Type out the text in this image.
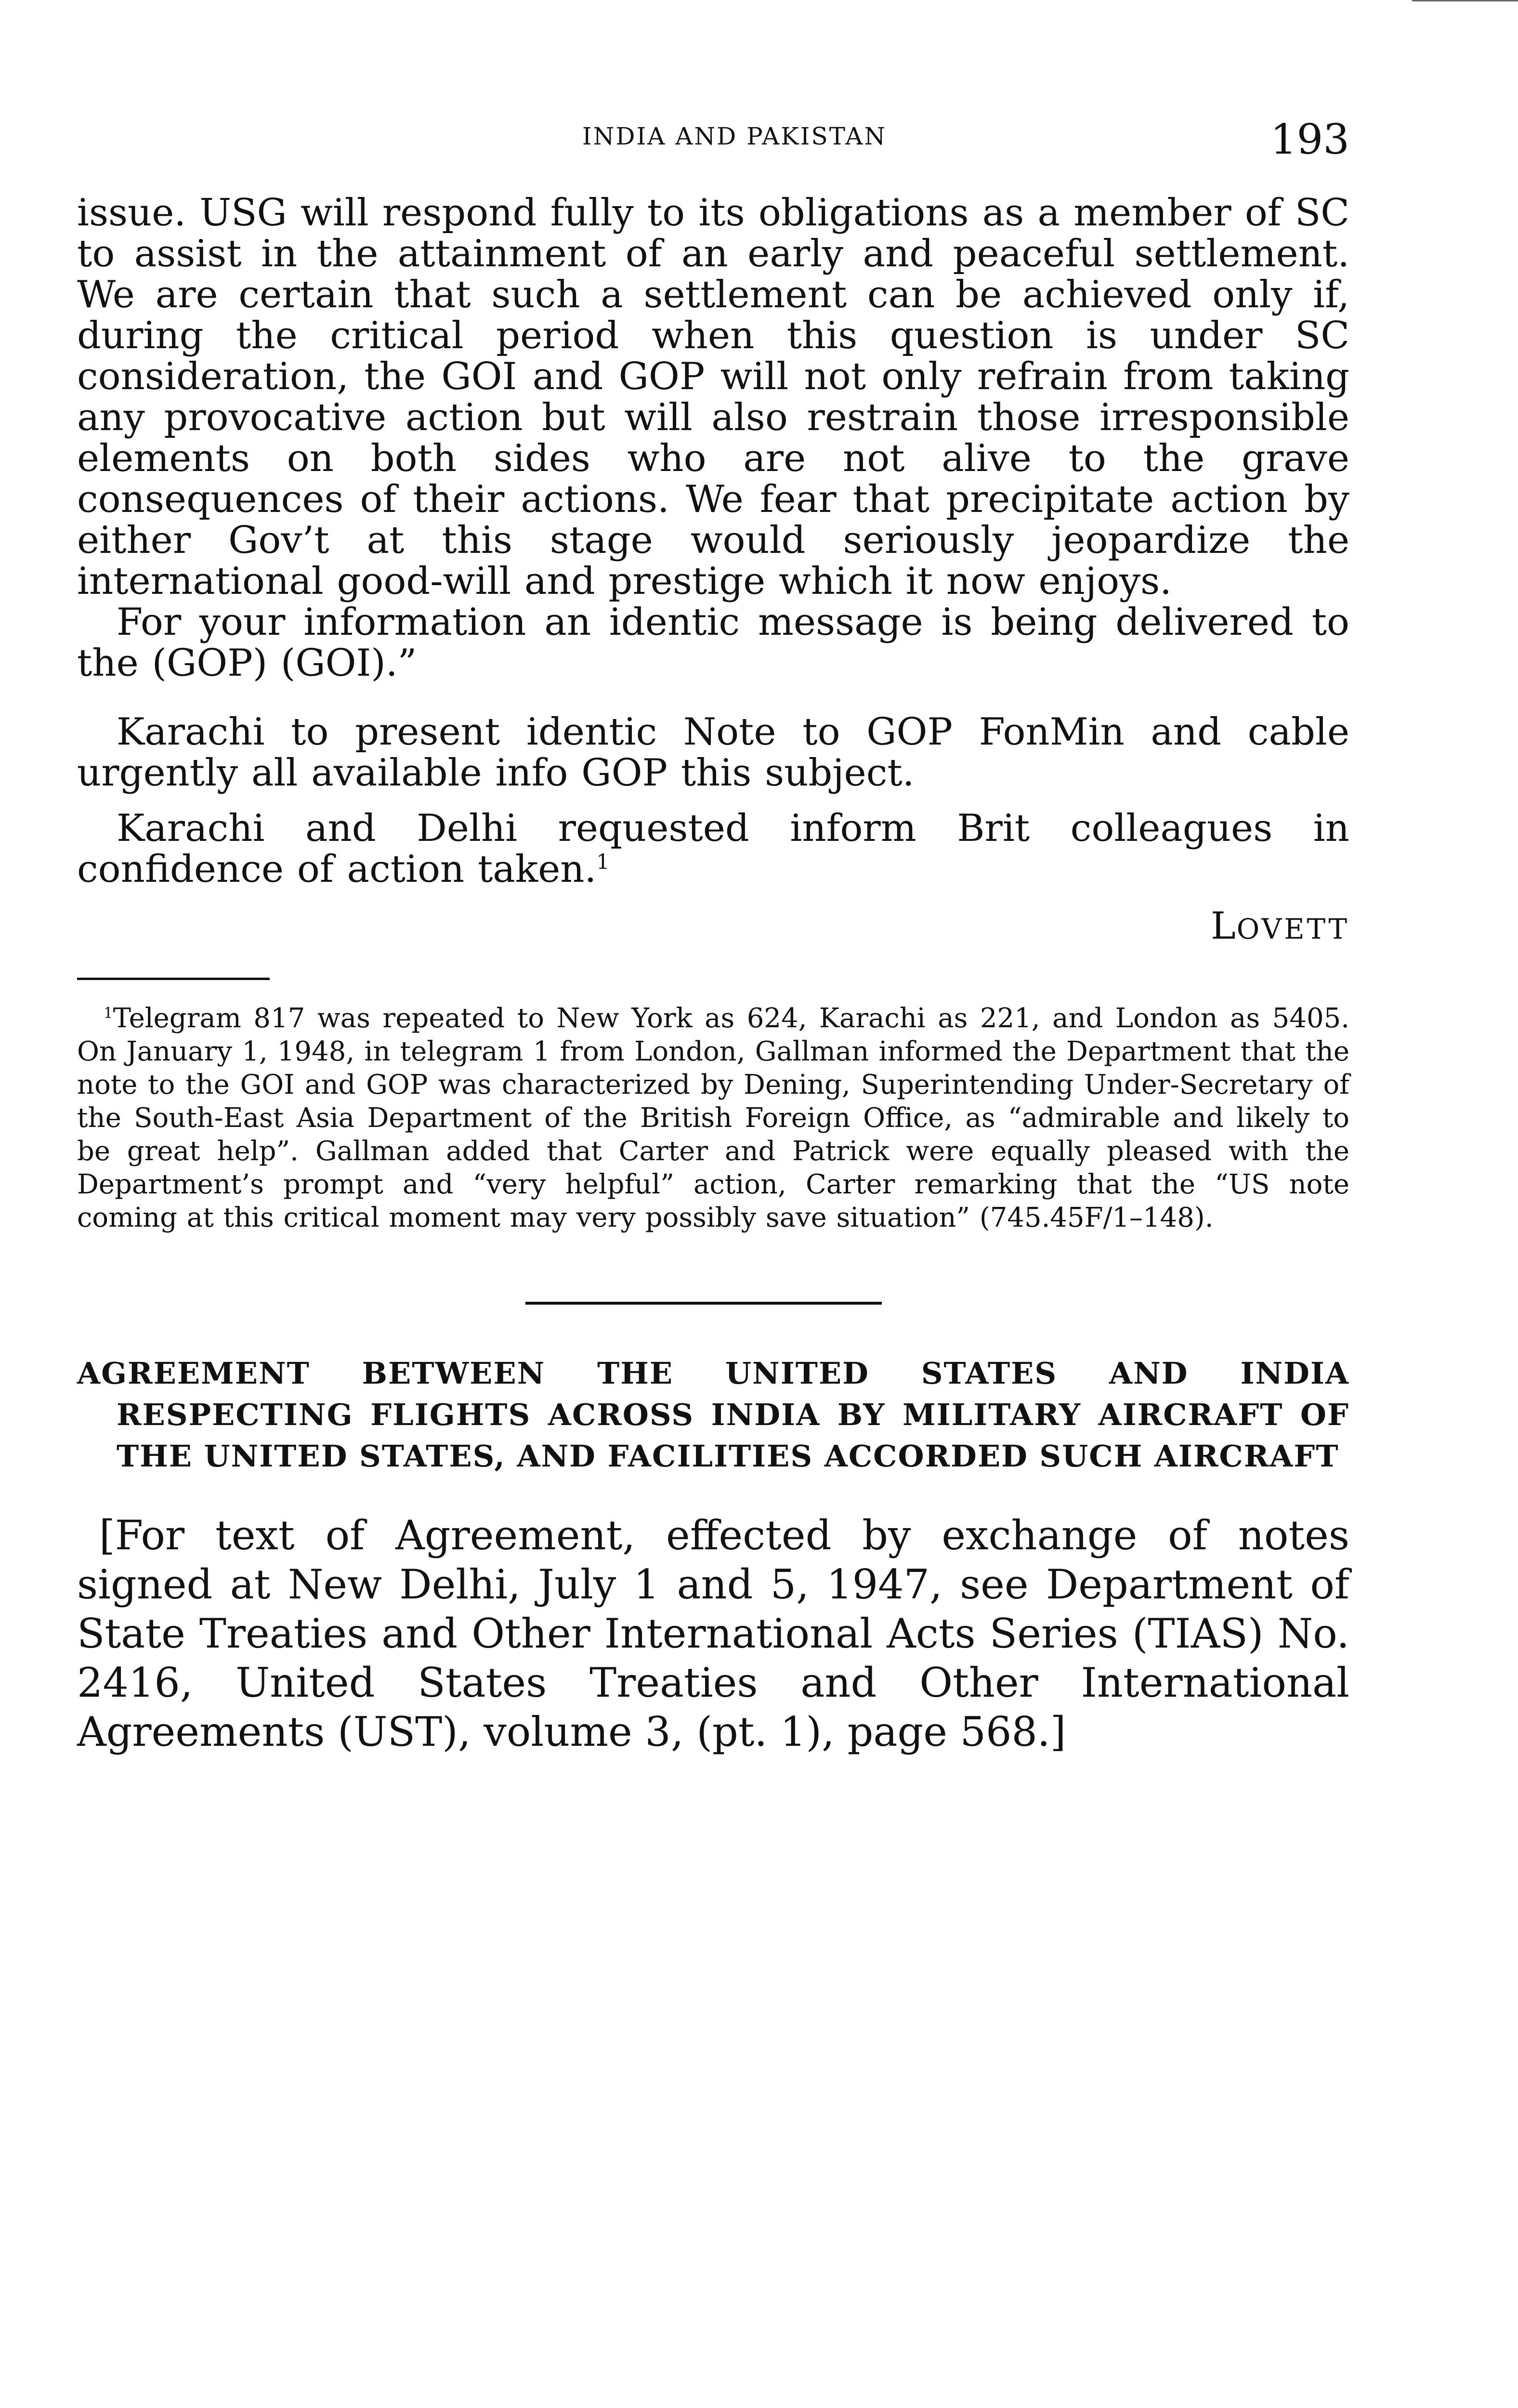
INDIA AND PAKISTAN	193

issue. USG will respond fully to its obligations as a member of SC to assist in the attainment of an early and peaceful settlement. We are certain that such a settlement can be achieved only if, during the critical period when this question is under SC consideration, the GOI and GOP will not only refrain from taking any provocative action but will also restrain those irresponsible elements on both sides who are not alive to the grave consequences of their actions. We fear that precipitate action by either Gov’t at this stage would seriously jeopardize the international good-will and prestige which it now enjoys.

For your information an identic message is being delivered to the (GOP) (GOI).”

Karachi to present identic Note to GOP FonMin and cable urgently all available info GOP this subject.

Karachi and Delhi requested inform Brit colleagues in confidence of action taken.$^1$

LOVETT

$^1$Telegram 817 was repeated to New York as 624, Karachi as 221, and London as 5405. On January 1, 1948, in telegram 1 from London, Gallman informed the Department that the note to the GOI and GOP was characterized by Dening, Superintending Under-Secretary of the South-East Asia Department of the British Foreign Office, as “admirable and likely to be great help”. Gallman added that Carter and Patrick were equally pleased with the Department’s prompt and “very helpful” action, Carter remarking that the “US note coming at this critical moment may very possibly save situation” (745.45F/1–148).

AGREEMENT BETWEEN THE UNITED STATES AND INDIA RESPECTING FLIGHTS ACROSS INDIA BY MILITARY AIRCRAFT OF THE UNITED STATES, AND FACILITIES ACCORDED SUCH AIRCRAFT

[For text of Agreement, effected by exchange of notes signed at New Delhi, July 1 and 5, 1947, see Department of State Treaties and Other International Acts Series (TIAS) No. 2416, United States Treaties and Other International Agreements (UST), volume 3, (pt. 1), page 568.]
